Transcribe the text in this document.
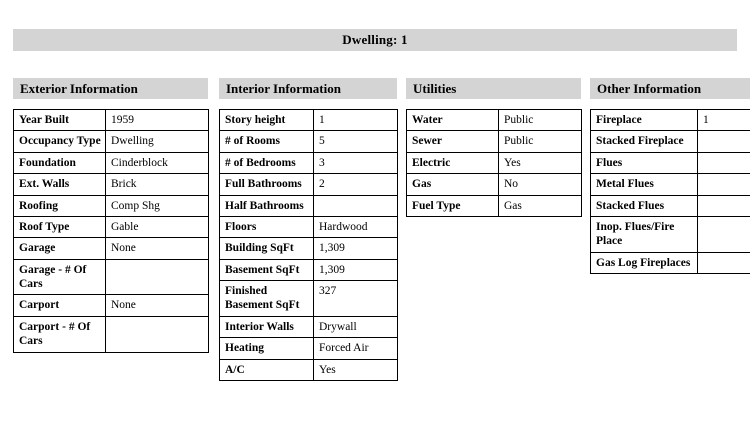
Dwelling: 1
Exterior Information
Year Built	1959
Occupancy Type	Dwelling
Foundation	Cinderblock
Ext. Walls	Brick
Roofing	Comp Shg
Roof Type	Gable
Garage	None
Garage - # Of Cars	
Carport	None
Carport - # Of Cars	
Interior Information
Story height	1
# of Rooms	5
# of Bedrooms	3
Full Bathrooms	2
Half Bathrooms	
Floors	Hardwood
Building SqFt	1,309
Basement SqFt	1,309
Finished Basement SqFt	327
Interior Walls	Drywall
Heating	Forced Air
A/C	Yes
Utilities
Water	Public
Sewer	Public
Electric	Yes
Gas	No
Fuel Type	Gas
Other Information
Fireplace	1
Stacked Fireplace	
Flues	
Metal Flues	
Stacked Flues	
Inop. Flues/Fire Place	
Gas Log Fireplaces	
